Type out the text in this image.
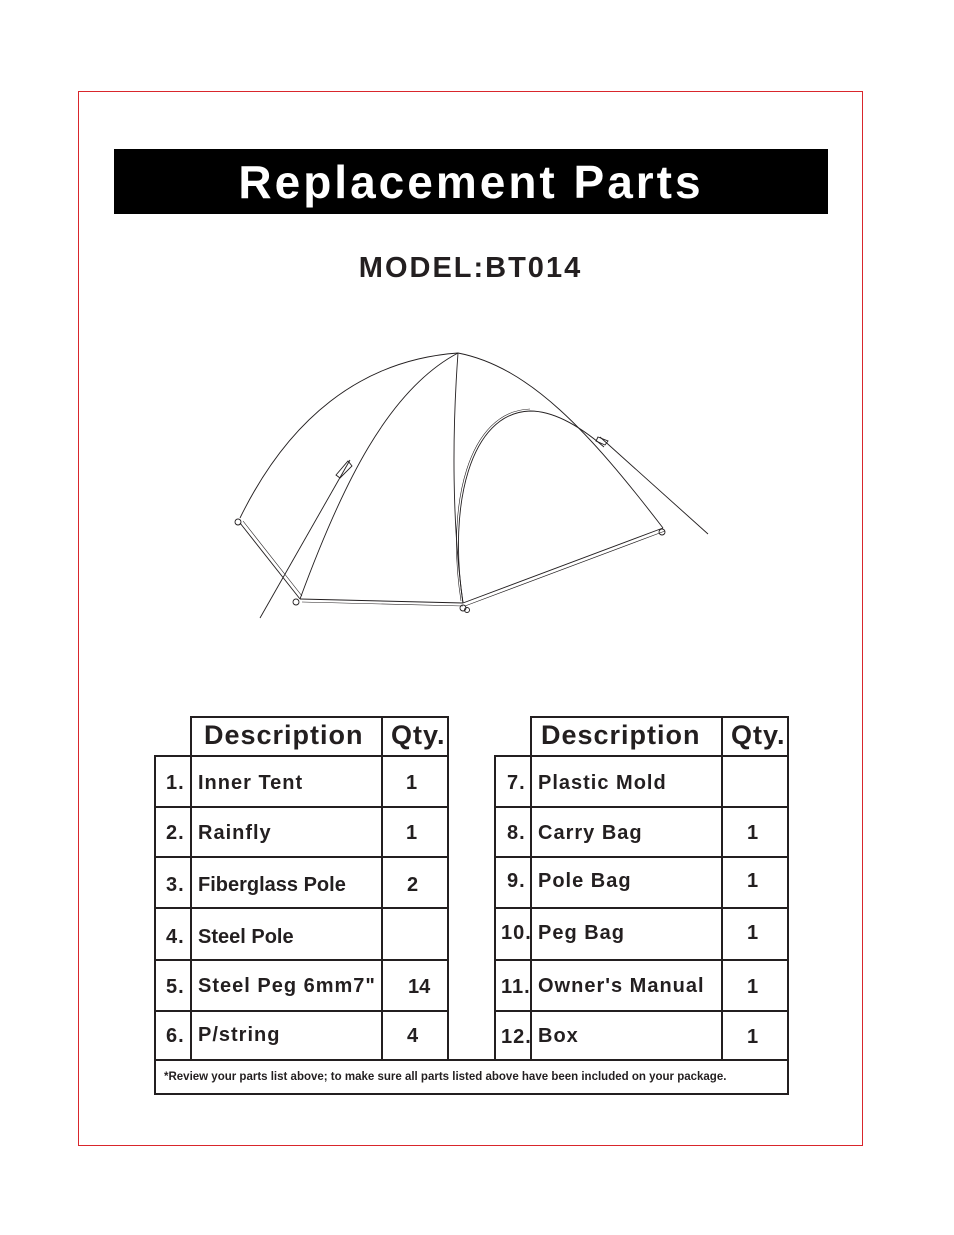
Replacement Parts
MODEL:BT014
Description Qty.	Description Qty.
1. Inner Tent	1
2. Rainfly	1
3. Fiberglass Pole	2
4. Steel Pole
5. Steel Peg 6mm7" 14
6. P/string	4
7. Plastic Mold
8. Carry Bag	1
9. Pole Bag	1
10. Peg Bag	1
11. Owner's Manual 1
12. Box	1
*Review your parts list above; to make sure all parts listed above have been included on your package.
